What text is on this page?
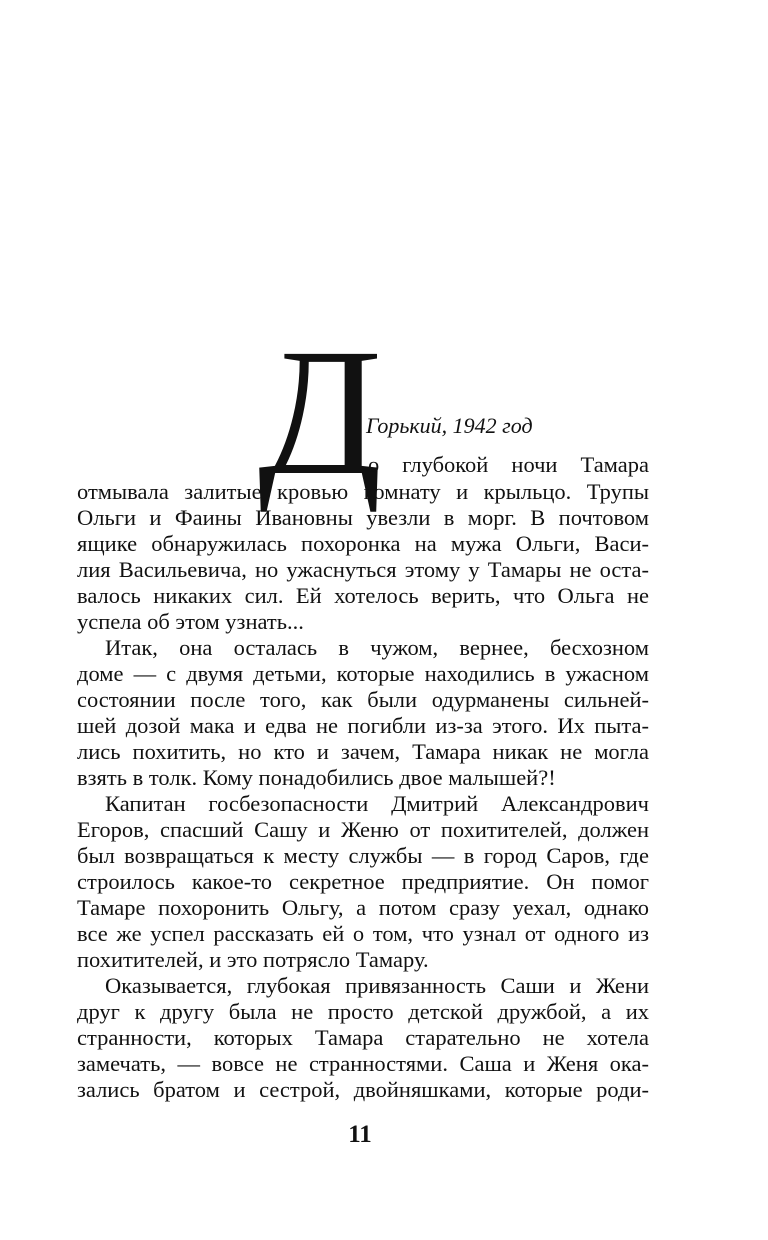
Д
Горький, 1942 год
о глубокой ночи Тамара
отмывала залитые кровью комнату и крыльцо. Трупы
Ольги и Фаины Ивановны увезли в морг. В почтовом
ящике обнаружилась похоронка на мужа Ольги, Васи-
лия Васильевича, но ужаснуться этому у Тамары не оста-
валось никаких сил. Ей хотелось верить, что Ольга не
успела об этом узнать...
Итак, она осталась в чужом, вернее, бесхозном
доме — с двумя детьми, которые находились в ужасном
состоянии после того, как были одурманены сильней-
шей дозой мака и едва не погибли из-за этого. Их пыта-
лись похитить, но кто и зачем, Тамара никак не могла
взять в толк. Кому понадобились двое малышей?!
Капитан госбезопасности Дмитрий Александрович
Егоров, спасший Сашу и Женю от похитителей, должен
был возвращаться к месту службы — в город Саров, где
строилось какое-то секретное предприятие. Он помог
Тамаре похоронить Ольгу, а потом сразу уехал, однако
все же успел рассказать ей о том, что узнал от одного из
похитителей, и это потрясло Тамару.
Оказывается, глубокая привязанность Саши и Жени
друг к другу была не просто детской дружбой, а их
странности, которых Тамара старательно не хотела
замечать, — вовсе не странностями. Саша и Женя ока-
зались братом и сестрой, двойняшками, которые роди-
11
